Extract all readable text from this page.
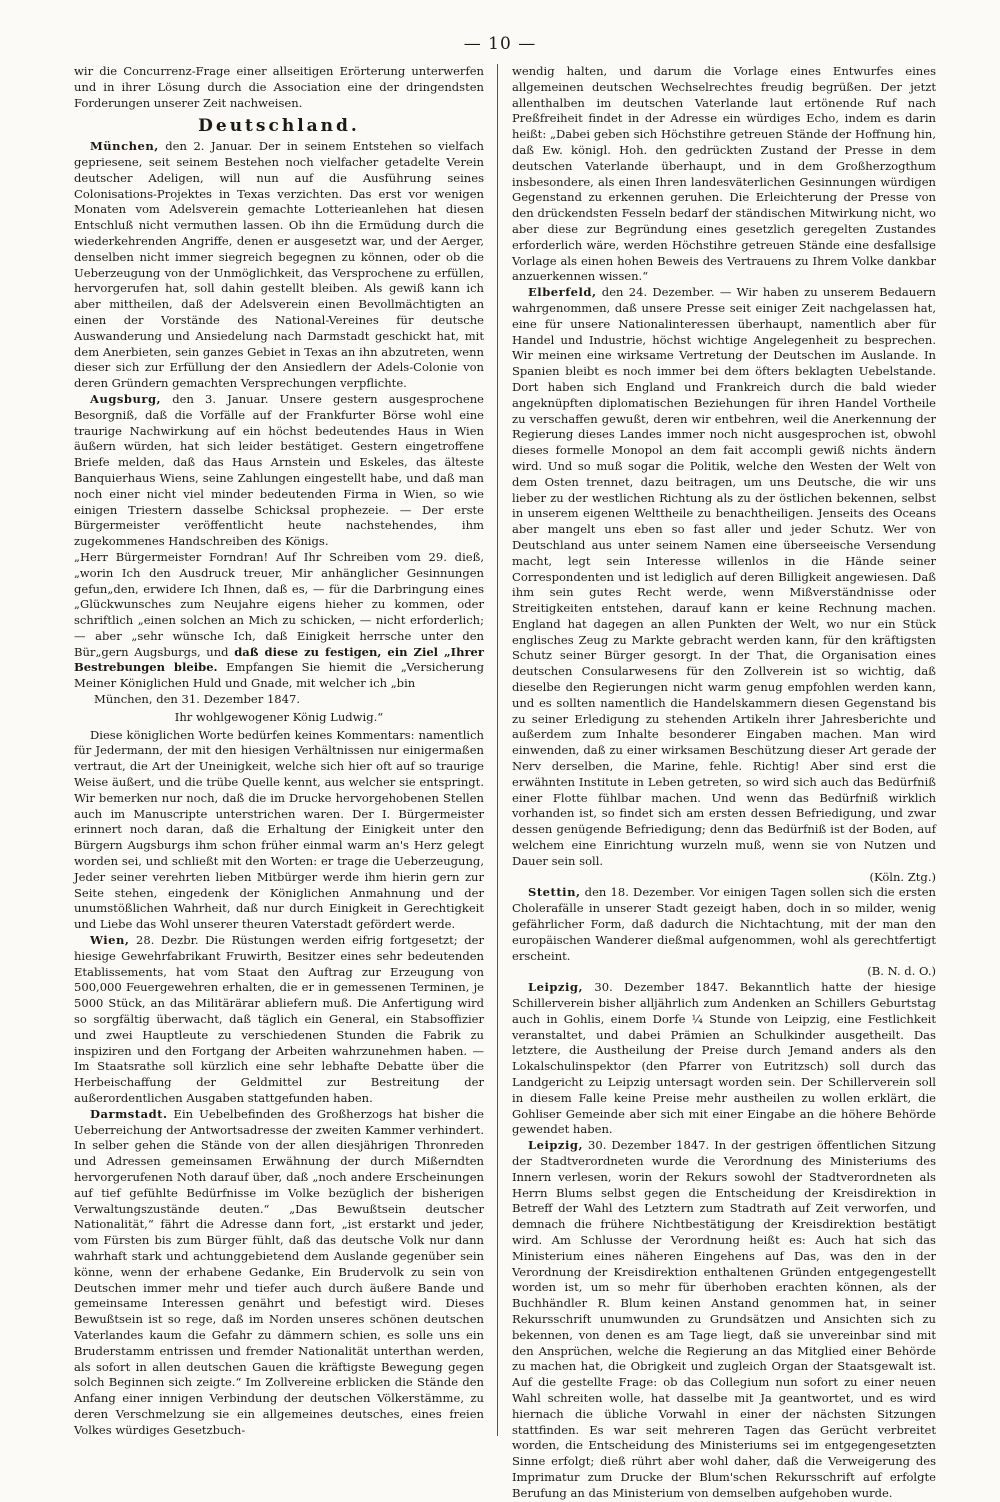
— 10 —

wir die Concurrenz-Frage einer allseitigen Erörterung unterwerfen und in ihrer Lösung durch die Association eine der dringendsten Forderungen unserer Zeit nachweisen.

Deutschland.

München, den 2. Januar. Der in seinem Entstehen so vielfach gepriesene, seit seinem Bestehen noch vielfacher getadelte Verein deutscher Adeligen, will nun auf die Ausführung seines Colonisations-Projektes in Texas verzichten. Das erst vor wenigen Monaten vom Adelsverein gemachte Lotterieanlehen hat diesen Entschluß nicht vermuthen lassen. Ob ihn die Ermüdung durch die wiederkehrenden Angriffe, denen er ausgesetzt war, und der Aerger, denselben nicht immer siegreich begegnen zu können, oder ob die Ueberzeugung von der Unmöglichkeit, das Versprochene zu erfüllen, hervorgerufen hat, soll dahin gestellt bleiben. Als gewiß kann ich aber mittheilen, daß der Adelsverein einen Bevollmächtigten an einen der Vorstände des National-Vereines für deutsche Auswanderung und Ansiedelung nach Darmstadt geschickt hat, mit dem Anerbieten, sein ganzes Gebiet in Texas an ihn abzutreten, wenn dieser sich zur Erfüllung der den Ansiedlern der Adels-Colonie von deren Gründern gemachten Versprechungen verpflichte.

Augsburg, den 3. Januar. Unsere gestern ausgesprochene Besorgniß, daß die Vorfälle auf der Frankfurter Börse wohl eine traurige Nachwirkung auf ein höchst bedeutendes Haus in Wien äußern würden, hat sich leider bestätiget. Gestern eingetroffene Briefe melden, daß das Haus Arnstein und Eskeles, das älteste Banquierhaus Wiens, seine Zahlungen eingestellt habe, und daß man noch einer nicht viel minder bedeutenden Firma in Wien, so wie einigen Triestern dasselbe Schicksal prophezeie. — Der erste Bürgermeister veröffentlicht heute nachstehendes, ihm zugekommenes Handschreiben des Königs.

„Herr Bürgermeister Forndran! Auf Ihr Schreiben vom 29. dieß, „worin Ich den Ausdruck treuer, Mir anhänglicher Gesinnungen gefun„den, erwidere Ich Ihnen, daß es, — für die Darbringung eines „Glückwunsches zum Neujahre eigens hieher zu kommen, oder schriftlich „einen solchen an Mich zu schicken, — nicht erforderlich; — aber „sehr wünsche Ich, daß Einigkeit herrsche unter den Bür„gern Augsburgs, und daß diese zu festigen, ein Ziel „Ihrer Bestrebungen bleibe. Empfangen Sie hiemit die „Versicherung Meiner Königlichen Huld und Gnade, mit welcher ich „bin

München, den 31. Dezember 1847.

Ihr wohlgewogener König Ludwig.“

Diese königlichen Worte bedürfen keines Kommentars: namentlich für Jedermann, der mit den hiesigen Verhältnissen nur einigermaßen vertraut, die Art der Uneinigkeit, welche sich hier oft auf so traurige Weise äußert, und die trübe Quelle kennt, aus welcher sie entspringt. Wir bemerken nur noch, daß die im Drucke hervorgehobenen Stellen auch im Manuscripte unterstrichen waren. Der I. Bürgermeister erinnert noch daran, daß die Erhaltung der Einigkeit unter den Bürgern Augsburgs ihm schon früher einmal warm an's Herz gelegt worden sei, und schließt mit den Worten: er trage die Ueberzeugung, Jeder seiner verehrten lieben Mitbürger werde ihm hierin gern zur Seite stehen, eingedenk der Königlichen Anmahnung und der unumstößlichen Wahrheit, daß nur durch Einigkeit in Gerechtigkeit und Liebe das Wohl unserer theuren Vaterstadt gefördert werde.

Wien, 28. Dezbr. Die Rüstungen werden eifrig fortgesetzt; der hiesige Gewehrfabrikant Fruwirth, Besitzer eines sehr bedeutenden Etablissements, hat vom Staat den Auftrag zur Erzeugung von 500,000 Feuergewehren erhalten, die er in gemessenen Terminen, je 5000 Stück, an das Militärärar abliefern muß. Die Anfertigung wird so sorgfältig überwacht, daß täglich ein General, ein Stabsoffizier und zwei Hauptleute zu verschiedenen Stunden die Fabrik zu inspiziren und den Fortgang der Arbeiten wahrzunehmen haben. — Im Staatsrathe soll kürzlich eine sehr lebhafte Debatte über die Herbeischaffung der Geldmittel zur Bestreitung der außerordentlichen Ausgaben stattgefunden haben.

Darmstadt. Ein Uebelbefinden des Großherzogs hat bisher die Ueberreichung der Antwortsadresse der zweiten Kammer verhindert. In selber gehen die Stände von der allen diesjährigen Thronreden und Adressen gemeinsamen Erwähnung der durch Mißerndten hervorgerufenen Noth darauf über, daß „noch andere Erscheinungen auf tief gefühlte Bedürfnisse im Volke bezüglich der bisherigen Verwaltungszustände deuten.“ „Das Bewußtsein deutscher Nationalität,“ fährt die Adresse dann fort, „ist erstarkt und jeder, vom Fürsten bis zum Bürger fühlt, daß das deutsche Volk nur dann wahrhaft stark und achtunggebietend dem Auslande gegenüber sein könne, wenn der erhabene Gedanke, Ein Brudervolk zu sein von Deutschen immer mehr und tiefer auch durch äußere Bande und gemeinsame Interessen genährt und befestigt wird. Dieses Bewußtsein ist so rege, daß im Norden unseres schönen deutschen Vaterlandes kaum die Gefahr zu dämmern schien, es solle uns ein Bruderstamm entrissen und fremder Nationalität unterthan werden, als sofort in allen deutschen Gauen die kräftigste Bewegung gegen solch Beginnen sich zeigte.“ Im Zollvereine erblicken die Stände den Anfang einer innigen Verbindung der deutschen Völkerstämme, zu deren Verschmelzung sie ein allgemeines deutsches, eines freien Volkes würdiges Gesetzbuch-

wendig halten, und darum die Vorlage eines Entwurfes eines allgemeinen deutschen Wechselrechtes freudig begrüßen. Der jetzt allenthalben im deutschen Vaterlande laut ertönende Ruf nach Preßfreiheit findet in der Adresse ein würdiges Echo, indem es darin heißt: „Dabei geben sich Höchstihre getreuen Stände der Hoffnung hin, daß Ew. königl. Hoh. den gedrückten Zustand der Presse in dem deutschen Vaterlande überhaupt, und in dem Großherzogthum insbesondere, als einen Ihren landesväterlichen Gesinnungen würdigen Gegenstand zu erkennen geruhen. Die Erleichterung der Presse von den drückendsten Fesseln bedarf der ständischen Mitwirkung nicht, wo aber diese zur Begründung eines gesetzlich geregelten Zustandes erforderlich wäre, werden Höchstihre getreuen Stände eine desfallsige Vorlage als einen hohen Beweis des Vertrauens zu Ihrem Volke dankbar anzuerkennen wissen.“

Elberfeld, den 24. Dezember. — Wir haben zu unserem Bedauern wahrgenommen, daß unsere Presse seit einiger Zeit nachgelassen hat, eine für unsere Nationalinteressen überhaupt, namentlich aber für Handel und Industrie, höchst wichtige Angelegenheit zu besprechen. Wir meinen eine wirksame Vertretung der Deutschen im Auslande. In Spanien bleibt es noch immer bei dem öfters beklagten Uebelstande. Dort haben sich England und Frankreich durch die bald wieder angeknüpften diplomatischen Beziehungen für ihren Handel Vortheile zu verschaffen gewußt, deren wir entbehren, weil die Anerkennung der Regierung dieses Landes immer noch nicht ausgesprochen ist, obwohl dieses formelle Monopol an dem fait accompli gewiß nichts ändern wird. Und so muß sogar die Politik, welche den Westen der Welt von dem Osten trennet, dazu beitragen, um uns Deutsche, die wir uns lieber zu der westlichen Richtung als zu der östlichen bekennen, selbst in unserem eigenen Welttheile zu benachtheiligen. Jenseits des Oceans aber mangelt uns eben so fast aller und jeder Schutz. Wer von Deutschland aus unter seinem Namen eine überseeische Versendung macht, legt sein Interesse willenlos in die Hände seiner Correspondenten und ist lediglich auf deren Billigkeit angewiesen. Daß ihm sein gutes Recht werde, wenn Mißverständnisse oder Streitigkeiten entstehen, darauf kann er keine Rechnung machen. England hat dagegen an allen Punkten der Welt, wo nur ein Stück englisches Zeug zu Markte gebracht werden kann, für den kräftigsten Schutz seiner Bürger gesorgt. In der That, die Organisation eines deutschen Consularwesens für den Zollverein ist so wichtig, daß dieselbe den Regierungen nicht warm genug empfohlen werden kann, und es sollten namentlich die Handelskammern diesen Gegenstand bis zu seiner Erledigung zu stehenden Artikeln ihrer Jahresberichte und außerdem zum Inhalte besonderer Eingaben machen. Man wird einwenden, daß zu einer wirksamen Beschützung dieser Art gerade der Nerv derselben, die Marine, fehle. Richtig! Aber sind erst die erwähnten Institute in Leben getreten, so wird sich auch das Bedürfniß einer Flotte fühlbar machen. Und wenn das Bedürfniß wirklich vorhanden ist, so findet sich am ersten dessen Befriedigung, und zwar dessen genügende Befriedigung; denn das Bedürfniß ist der Boden, auf welchem eine Einrichtung wurzeln muß, wenn sie von Nutzen und Dauer sein soll.

(Köln. Ztg.)

Stettin, den 18. Dezember. Vor einigen Tagen sollen sich die ersten Cholerafälle in unserer Stadt gezeigt haben, doch in so milder, wenig gefährlicher Form, daß dadurch die Nichtachtung, mit der man den europäischen Wanderer dießmal aufgenommen, wohl als gerechtfertigt erscheint.

(B. N. d. O.)

Leipzig, 30. Dezember 1847. Bekanntlich hatte der hiesige Schillerverein bisher alljährlich zum Andenken an Schillers Geburtstag auch in Gohlis, einem Dorfe ¼ Stunde von Leipzig, eine Festlichkeit veranstaltet, und dabei Prämien an Schulkinder ausgetheilt. Das letztere, die Austheilung der Preise durch Jemand anders als den Lokalschulinspektor (den Pfarrer von Eutritzsch) soll durch das Landgericht zu Leipzig untersagt worden sein. Der Schillerverein soll in diesem Falle keine Preise mehr austheilen zu wollen erklärt, die Gohliser Gemeinde aber sich mit einer Eingabe an die höhere Behörde gewendet haben.

Leipzig, 30. Dezember 1847. In der gestrigen öffentlichen Sitzung der Stadtverordneten wurde die Verordnung des Ministeriums des Innern verlesen, worin der Rekurs sowohl der Stadtverordneten als Herrn Blums selbst gegen die Entscheidung der Kreisdirektion in Betreff der Wahl des Letztern zum Stadtrath auf Zeit verworfen, und demnach die frühere Nichtbestätigung der Kreisdirektion bestätigt wird. Am Schlusse der Verordnung heißt es: Auch hat sich das Ministerium eines näheren Eingehens auf Das, was den in der Verordnung der Kreisdirektion enthaltenen Gründen entgegengestellt worden ist, um so mehr für überhoben erachten können, als der Buchhändler R. Blum keinen Anstand genommen hat, in seiner Rekursschrift unumwunden zu Grundsätzen und Ansichten sich zu bekennen, von denen es am Tage liegt, daß sie unvereinbar sind mit den Ansprüchen, welche die Regierung an das Mitglied einer Behörde zu machen hat, die Obrigkeit und zugleich Organ der Staatsgewalt ist. Auf die gestellte Frage: ob das Collegium nun sofort zu einer neuen Wahl schreiten wolle, hat dasselbe mit Ja geantwortet, und es wird hiernach die übliche Vorwahl in einer der nächsten Sitzungen stattfinden. Es war seit mehreren Tagen das Gerücht verbreitet worden, die Entscheidung des Ministeriums sei im entgegengesetzten Sinne erfolgt; dieß rührt aber wohl daher, daß die Verweigerung des Imprimatur zum Drucke der Blum'schen Rekursschrift auf erfolgte Berufung an das Ministerium von demselben aufgehoben wurde.
